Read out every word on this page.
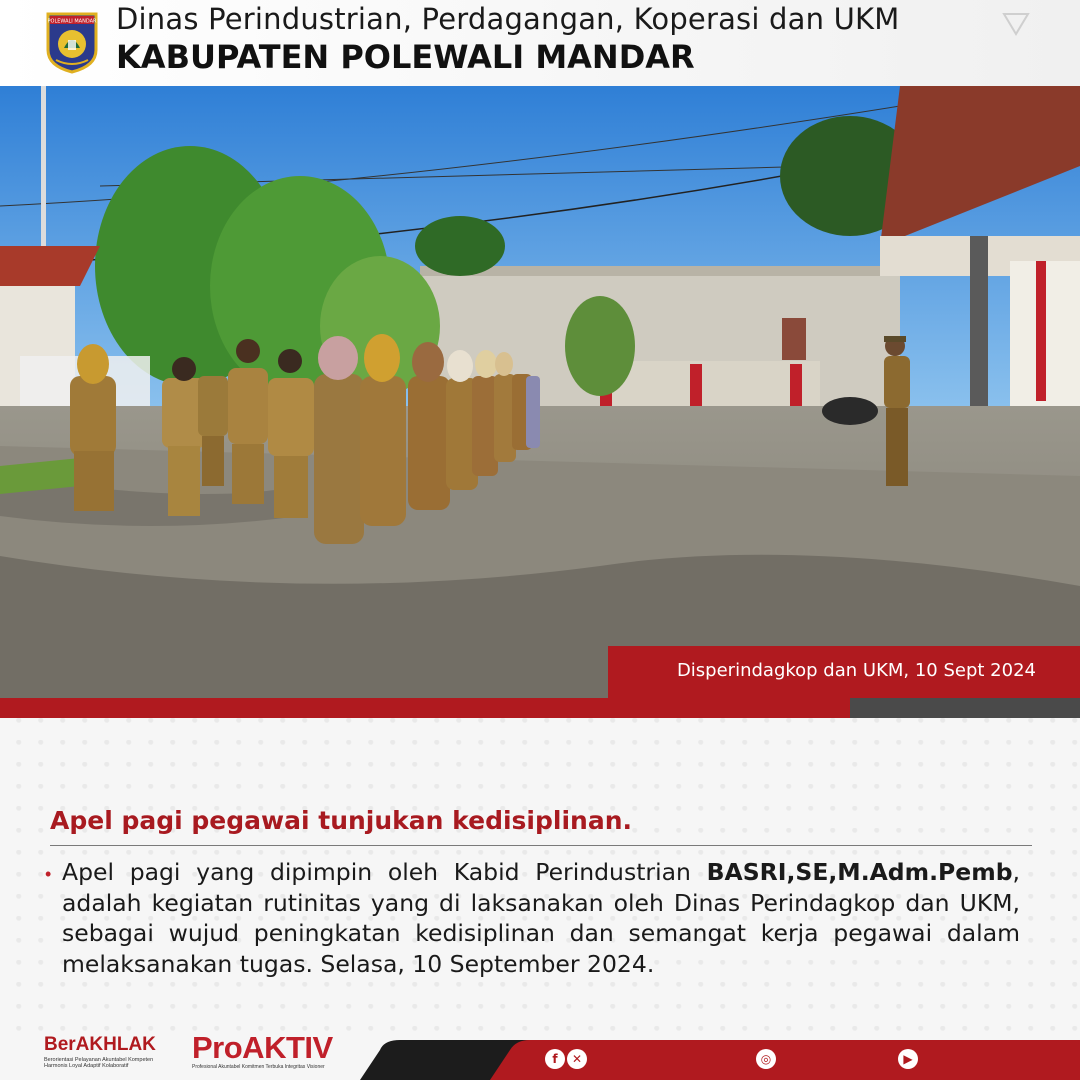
POLEWALI MANDAR Dinas Perindustrian, Perdagangan, Koperasi dan UKM
KABUPATEN POLEWALI MANDAR
Disperindagkop dan UKM, 10 Sept 2024
Apel pagi pegawai tunjukan kedisiplinan.
• Apel pagi yang dipimpin oleh Kabid Perindustrian BASRI,SE,M.Adm.Pemb, adalah kegiatan rutinitas yang di laksanakan oleh Dinas Perindagkop dan UKM, sebagai wujud peningkatan kedisiplinan dan semangat kerja pegawai dalam melaksanakan tugas. Selasa, 10 September 2024.
BerAKHLAK
Berorientasi Pelayanan Akuntabel Kompeten Harmonis Loyal Adaptif Kolaboratif
ProAKTIV
Profesional Akuntabel Komitmen Terbuka Integritas Visioner
f	✕	◎	▶
